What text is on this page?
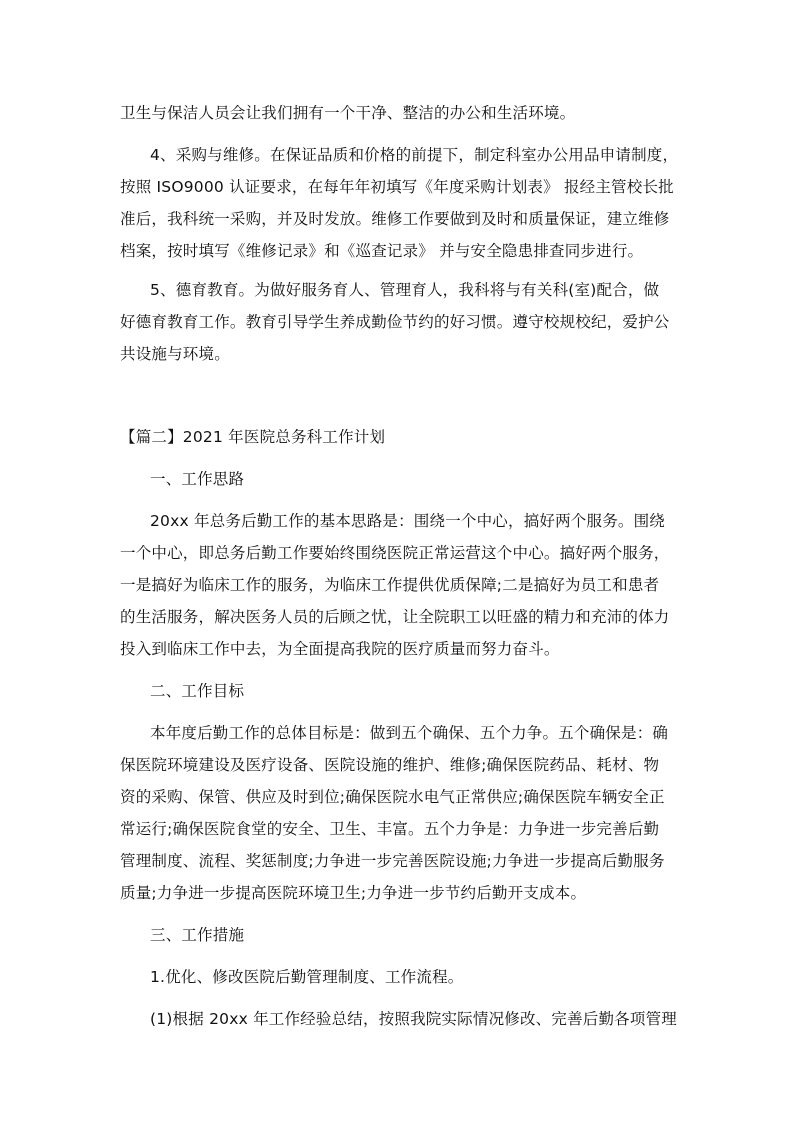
卫生与保洁人员会让我们拥有一个干净、整洁的办公和生活环境。
4、采购与维修。在保证品质和价格的前提下，制定科室办公用品申请制度，
按照 ISO9000 认证要求，在每年年初填写《年度采购计划表》 报经主管校长批
准后，我科统一采购，并及时发放。维修工作要做到及时和质量保证，建立维修
档案，按时填写《维修记录》和《巡查记录》 并与安全隐患排查同步进行。
5、德育教育。为做好服务育人、管理育人，我科将与有关科(室)配合，做
好德育教育工作。教育引导学生养成勤俭节约的好习惯。遵守校规校纪，爱护公
共设施与环境。
【篇二】2021 年医院总务科工作计划
一、工作思路
20xx 年总务后勤工作的基本思路是：围绕一个中心，搞好两个服务。围绕
一个中心，即总务后勤工作要始终围绕医院正常运营这个中心。搞好两个服务，
一是搞好为临床工作的服务，为临床工作提供优质保障;二是搞好为员工和患者
的生活服务，解决医务人员的后顾之忧，让全院职工以旺盛的精力和充沛的体力
投入到临床工作中去，为全面提高我院的医疗质量而努力奋斗。
二、工作目标
本年度后勤工作的总体目标是：做到五个确保、五个力争。五个确保是：确
保医院环境建设及医疗设备、医院设施的维护、维修;确保医院药品、耗材、物
资的采购、保管、供应及时到位;确保医院水电气正常供应;确保医院车辆安全正
常运行;确保医院食堂的安全、卫生、丰富。五个力争是：力争进一步完善后勤
管理制度、流程、奖惩制度;力争进一步完善医院设施;力争进一步提高后勤服务
质量;力争进一步提高医院环境卫生;力争进一步节约后勤开支成本。
三、工作措施
1.优化、修改医院后勤管理制度、工作流程。
(1)根据 20xx 年工作经验总结，按照我院实际情况修改、完善后勤各项管理
